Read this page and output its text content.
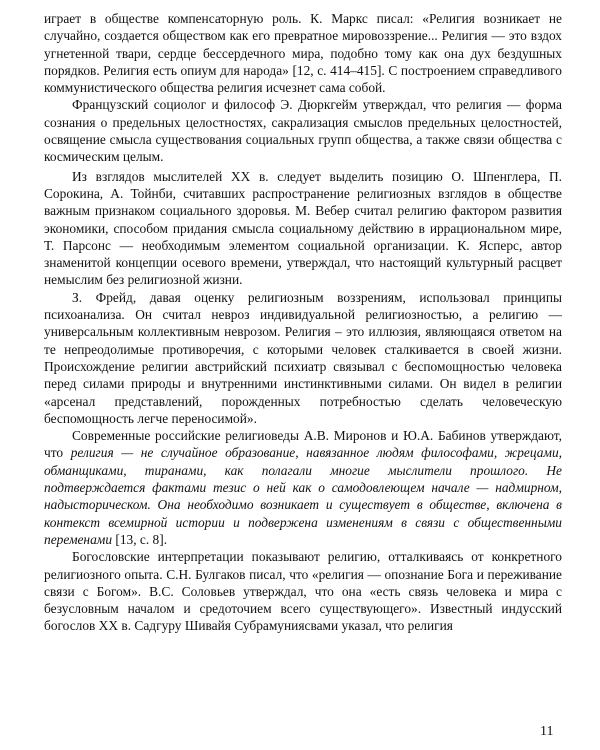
играет в обществе компенсаторную роль. К. Маркс писал: «Религия возникает не случайно, создается обществом как его превратное мировоззрение... Религия — это вздох угнетенной твари, сердце бессердечного мира, подобно тому как она дух бездушных порядков. Религия есть опиум для народа» [12, с. 414–415]. С построением справедливого коммунистического общества религия исчезнет сама собой.

Французский социолог и философ Э. Дюркгейм утверждал, что религия — форма сознания о предельных целостностях, сакрализация смыслов предельных целостностей, освящение смысла существования социальных групп общества, а также связи общества с космическим целым.

Из взглядов мыслителей XX в. следует выделить позицию О. Шпенглера, П. Сорокина, А. Тойнби, считавших распространение религиозных взглядов в обществе важным признаком социального здоровья. М. Вебер считал религию фактором развития экономики, способом придания смысла социальному действию в иррациональном мире, Т. Парсонс — необходимым элементом социальной организации. К. Ясперс, автор знаменитой концепции осевого времени, утверждал, что настоящий культурный расцвет немыслим без религиозной жизни.

З. Фрейд, давая оценку религиозным воззрениям, использовал принципы психоанализа. Он считал невроз индивидуальной религиозностью, а религию — универсальным коллективным неврозом. Религия – это иллюзия, являющаяся ответом на те непреодолимые противоречия, с которыми человек сталкивается в своей жизни. Происхождение религии австрийский психиатр связывал с беспомощностью человека перед силами природы и внутренними инстинктивными силами. Он видел в религии «арсенал представлений, порожденных потребностью сделать человеческую беспомощность легче переносимой».

Современные российские религиоведы А.В. Миронов и Ю.А. Бабинов утверждают, что религия — не случайное образование, навязанное людям философами, жрецами, обманщиками, тиранами, как полагали многие мыслители прошлого. Не подтверждается фактами тезис о ней как о самодовлеющем начале — надмирном, надысторическом. Она необходимо возникает и существует в обществе, включена в контекст всемирной истории и подвержена изменениям в связи с общественными переменами [13, с. 8].

Богословские интерпретации показывают религию, отталкиваясь от конкретного религиозного опыта. С.Н. Булгаков писал, что «религия — опознание Бога и переживание связи с Богом». В.С. Соловьев утверждал, что она «есть связь человека и мира с безусловным началом и средоточием всего существующего». Известный индусский богослов XX в. Садгуру Шивайя Субрамуниясвами указал, что религия

11
